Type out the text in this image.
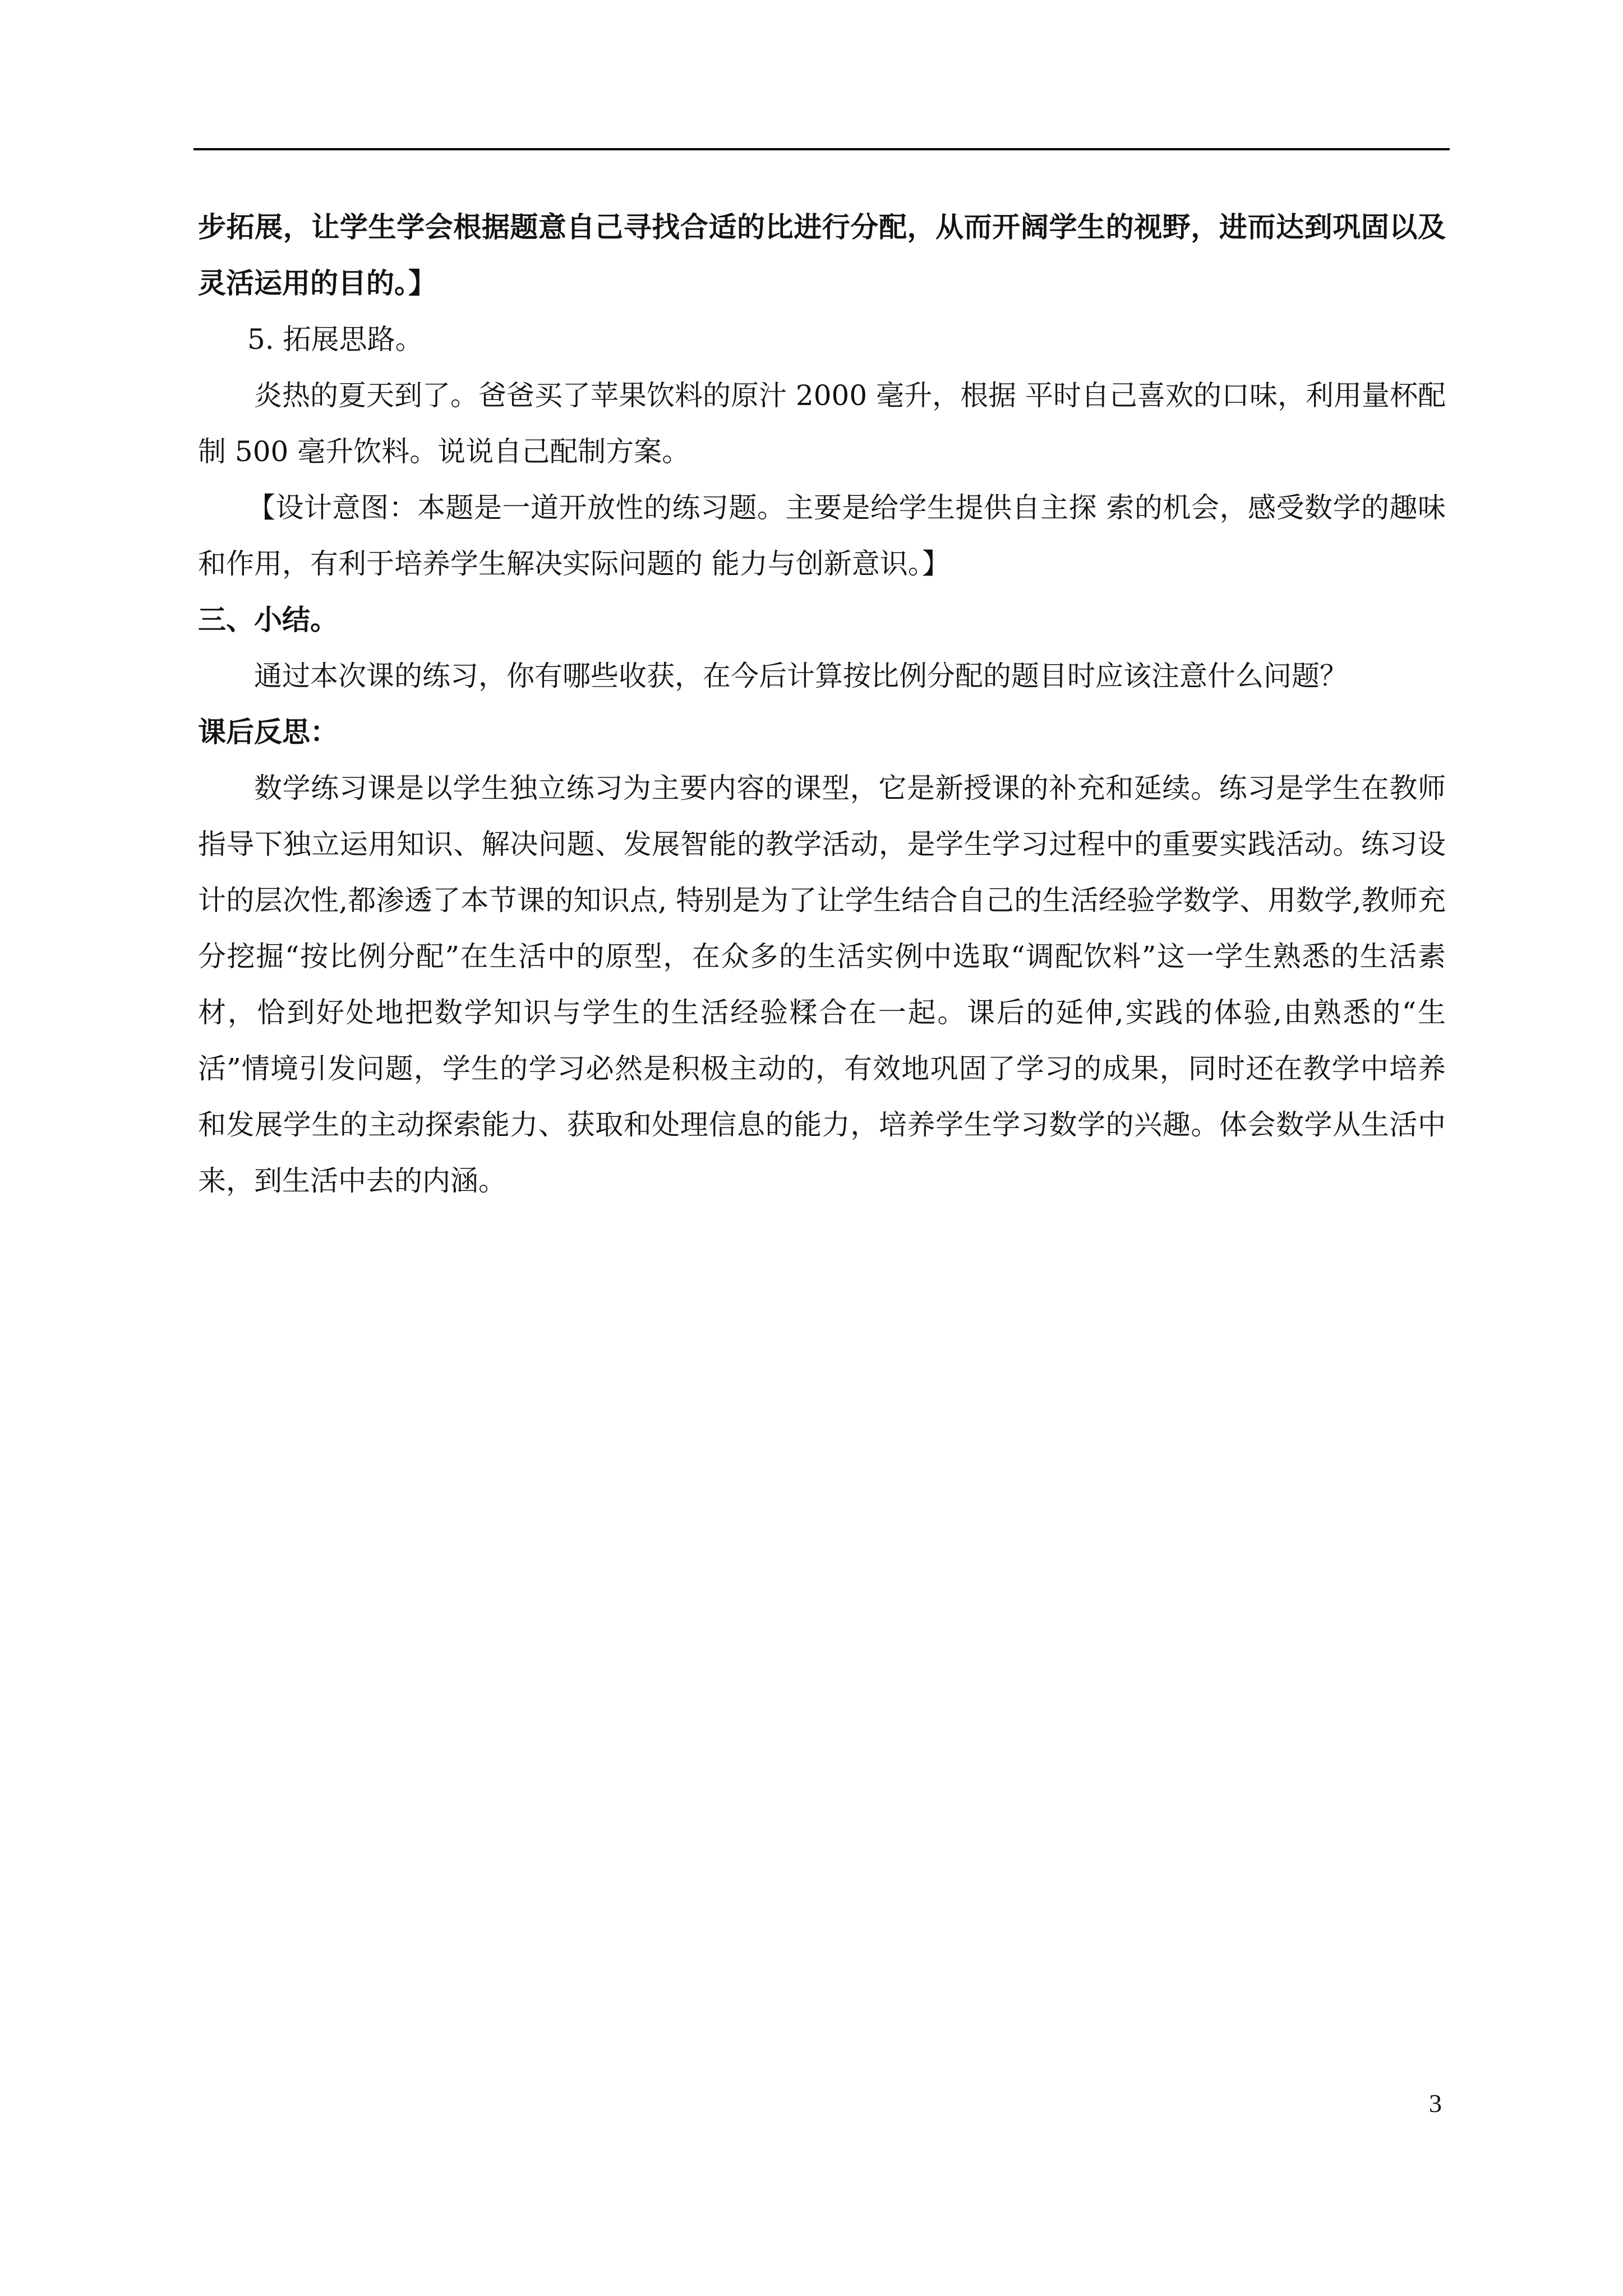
步拓展，让学生学会根据题意自己寻找合适的比进行分配，从而开阔学生的视野，进而达到巩固以及灵活运用的目的。】

5. 拓展思路。

炎热的夏天到了。爸爸买了苹果饮料的原汁 2000 毫升，根据 平时自己喜欢的口味，利用量杯配制 500 毫升饮料。说说自己配制方案。

【设计意图：本题是一道开放性的练习题。主要是给学生提供自主探 索的机会，感受数学的趣味和作用，有利于培养学生解决实际问题的 能力与创新意识。】

三、小结。

通过本次课的练习，你有哪些收获，在今后计算按比例分配的题目时应该注意什么问题？

课后反思：

数学练习课是以学生独立练习为主要内容的课型，它是新授课的补充和延续。练习是学生在教师指导下独立运用知识、解决问题、发展智能的教学活动，是学生学习过程中的重要实践活动。练习设计的层次性,都渗透了本节课的知识点, 特别是为了让学生结合自己的生活经验学数学、用数学,教师充分挖掘“按比例分配”在生活中的原型，在众多的生活实例中选取“调配饮料”这一学生熟悉的生活素材，恰到好处地把数学知识与学生的生活经验糅合在一起。课后的延伸,实践的体验,由熟悉的“生活”情境引发问题，学生的学习必然是积极主动的，有效地巩固了学习的成果，同时还在教学中培养和发展学生的主动探索能力、获取和处理信息的能力，培养学生学习数学的兴趣。体会数学从生活中来，到生活中去的内涵。

3
